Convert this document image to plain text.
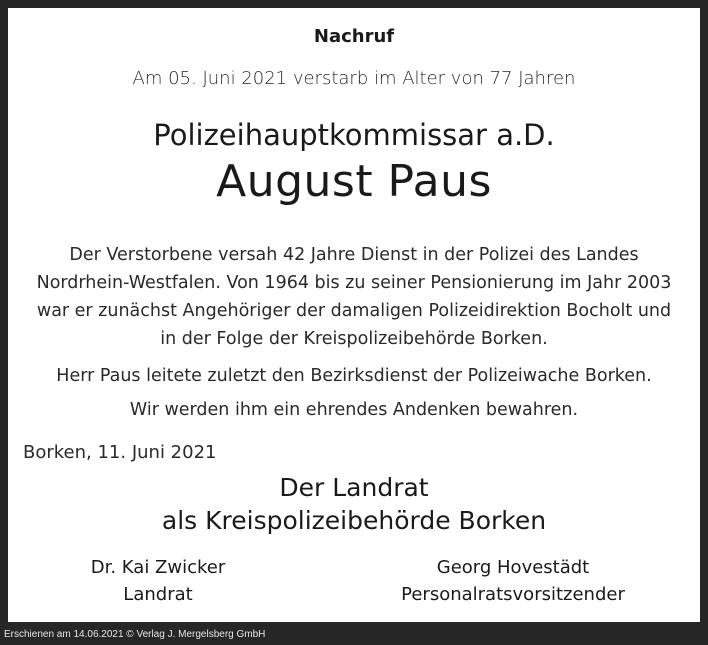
Nachruf
Am 05. Juni 2021 verstarb im Alter von 77 Jahren
Polizeihauptkommissar a.D.
August Paus
Der Verstorbene versah 42 Jahre Dienst in der Polizei des Landes
Nordrhein-Westfalen. Von 1964 bis zu seiner Pensionierung im Jahr 2003
war er zunächst Angehöriger der damaligen Polizeidirektion Bocholt und
in der Folge der Kreispolizeibehörde Borken.
Herr Paus leitete zuletzt den Bezirksdienst der Polizeiwache Borken.
Wir werden ihm ein ehrendes Andenken bewahren.
Borken, 11. Juni 2021
Der Landrat
als Kreispolizeibehörde Borken
Dr. Kai Zwicker
Landrat
Georg Hovestädt
Personalratsvorsitzender
Erschienen am 14.06.2021 © Verlag J. Mergelsberg GmbH
